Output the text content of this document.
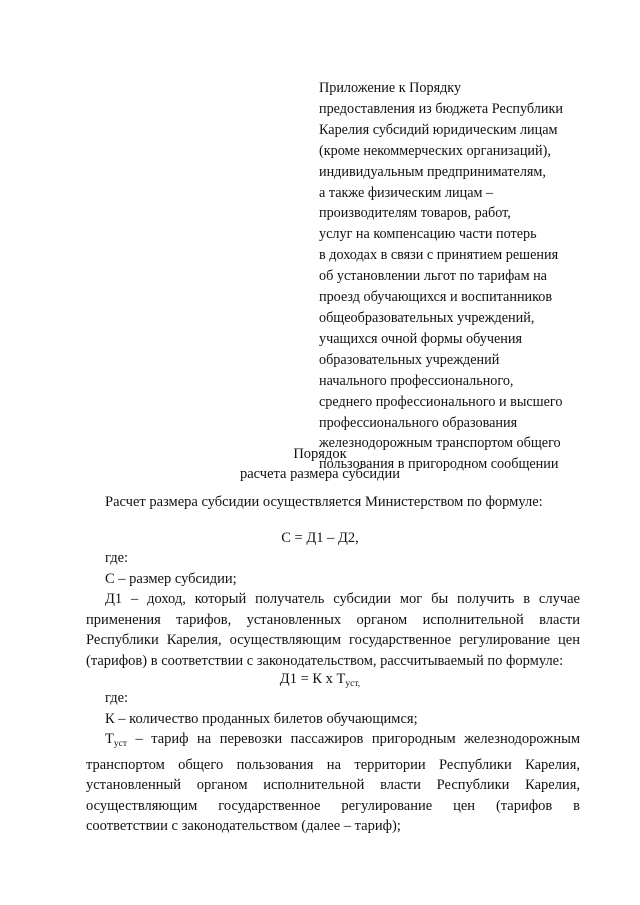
Приложение к Порядку
предоставления из бюджета Республики
Карелия субсидий юридическим лицам
(кроме некоммерческих организаций),
индивидуальным предпринимателям,
а также физическим лицам –
производителям товаров, работ,
услуг на компенсацию части потерь
в доходах в связи с принятием решения
об установлении льгот по тарифам на
проезд обучающихся и воспитанников
общеобразовательных учреждений,
учащихся очной формы обучения
образовательных учреждений
начального профессионального,
среднего профессионального и высшего
профессионального образования
железнодорожным транспортом общего
пользования в пригородном сообщении
Порядок
расчета размера субсидии
Расчет размера субсидии осуществляется Министерством по формуле:
С = Д1 – Д2,
где:
С – размер субсидии;
Д1 – доход, который получатель субсидии мог бы получить в случае
применения тарифов, установленных органом исполнительной власти
Республики Карелия, осуществляющим государственное регулирование цен
(тарифов) в соответствии с законодательством, рассчитываемый по формуле:
Д1 = К х $Т_{уст,}$
где:
К – количество проданных билетов обучающимся;
$Т_{уст}$ – тариф на перевозки пассажиров пригородным железнодорожным
транспортом общего пользования на территории Республики Карелия,
установленный органом исполнительной власти Республики Карелия,
осуществляющим государственное регулирование цен (тарифов в
соответствии с законодательством (далее – тариф);
